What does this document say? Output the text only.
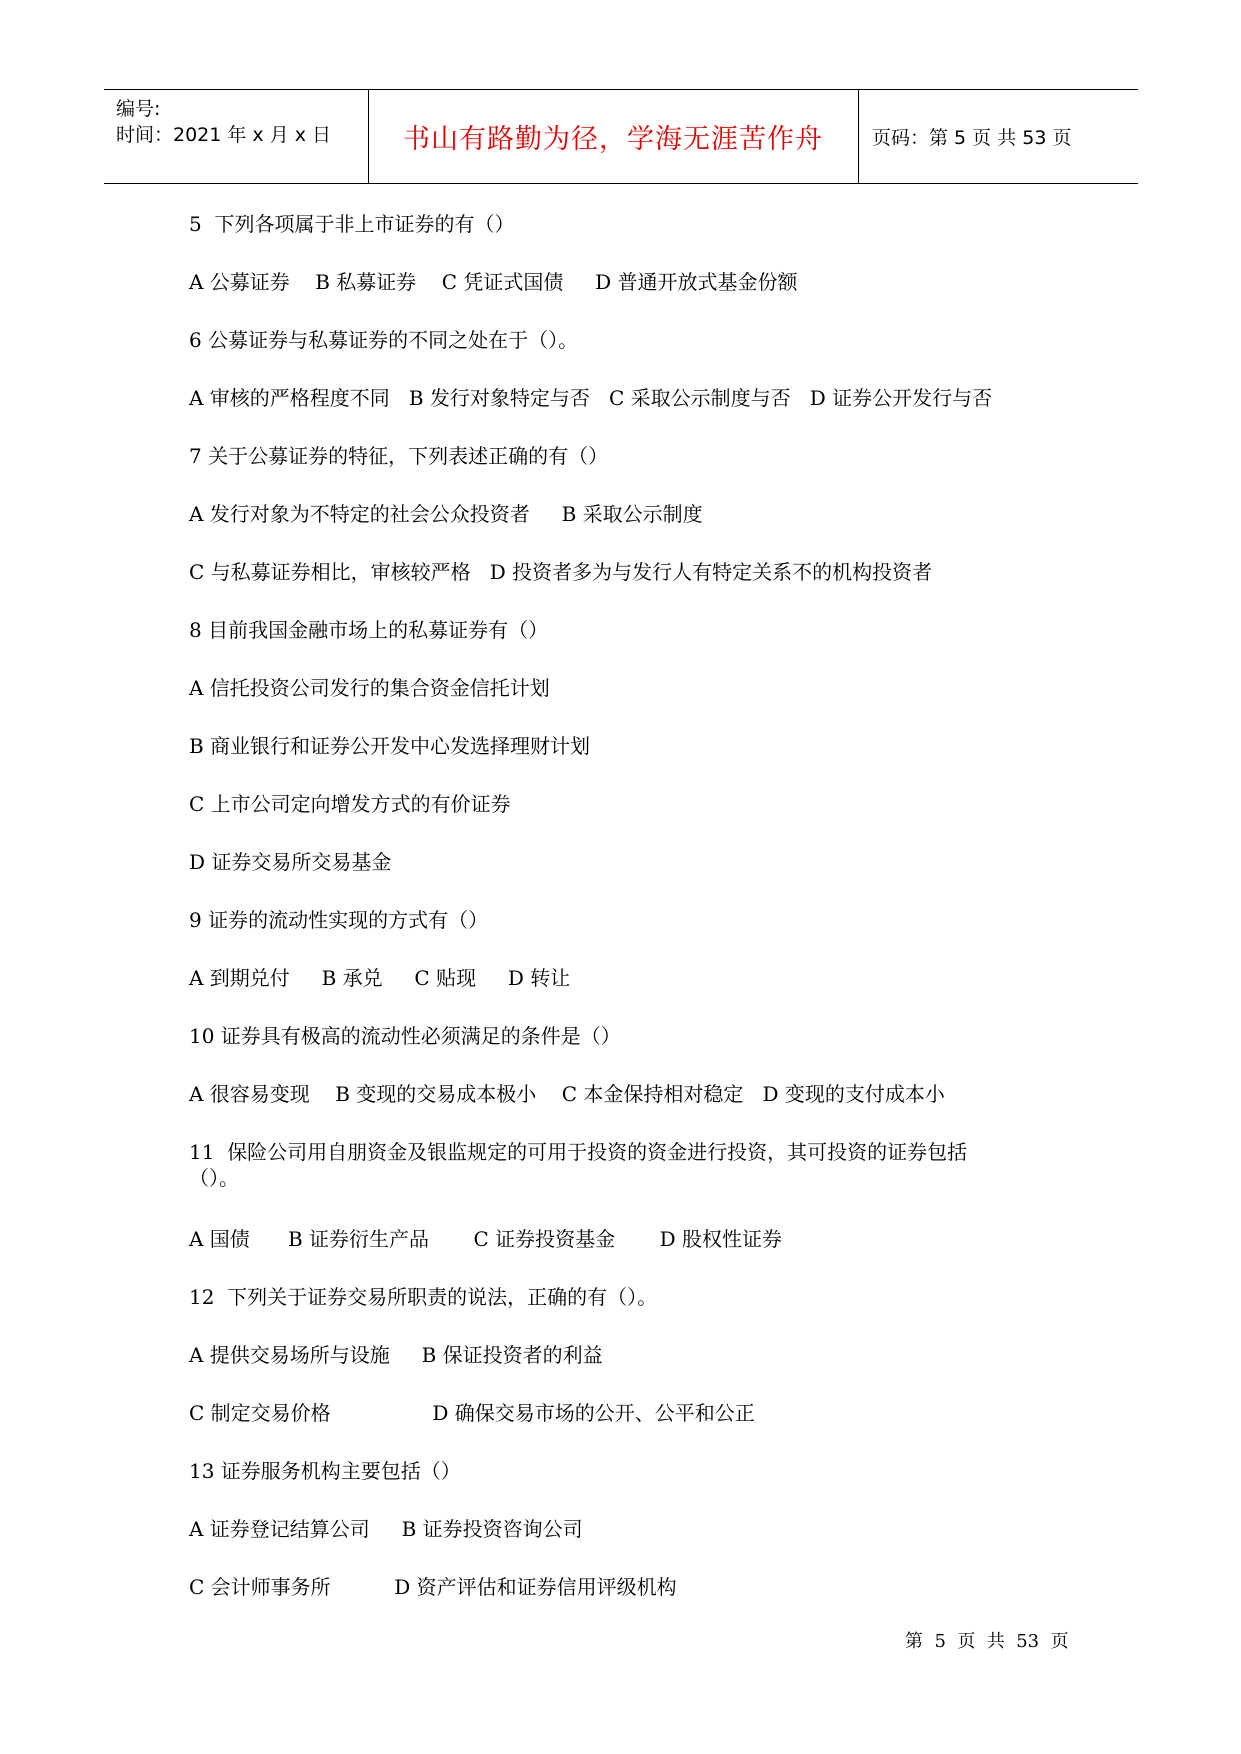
编号:
时间：2021 年 x 月 x 日	书山有路勤为径，学海无涯苦作舟	页码：第 5 页 共 53 页
5  下列各项属于非上市证券的有（）
A 公募证券    B 私募证券    C 凭证式国债     D 普通开放式基金份额
6 公募证券与私募证券的不同之处在于（）。
A 审核的严格程度不同   B 发行对象特定与否   C 采取公示制度与否   D 证券公开发行与否
7 关于公募证券的特征，下列表述正确的有（）
A 发行对象为不特定的社会公众投资者     B 采取公示制度
C 与私募证券相比，审核较严格   D 投资者多为与发行人有特定关系不的机构投资者
8 目前我国金融市场上的私募证券有（）
A 信托投资公司发行的集合资金信托计划
B 商业银行和证券公开发中心发选择理财计划
C 上市公司定向增发方式的有价证券
D 证券交易所交易基金
9 证券的流动性实现的方式有（）
A 到期兑付     B 承兑     C 贴现     D 转让
10 证券具有极高的流动性必须满足的条件是（）
A 很容易变现    B 变现的交易成本极小    C 本金保持相对稳定   D 变现的支付成本小
11  保险公司用自朋资金及银监规定的可用于投资的资金进行投资，其可投资的证券包括
（）。
A 国债      B 证券衍生产品       C 证券投资基金       D 股权性证券
12  下列关于证券交易所职责的说法，正确的有（）。
A 提供交易场所与设施     B 保证投资者的利益
C 制定交易价格                D 确保交易市场的公开、公平和公正
13 证券服务机构主要包括（）
A 证券登记结算公司     B 证券投资咨询公司
C 会计师事务所          D 资产评估和证券信用评级机构
第  5  页  共  53  页
